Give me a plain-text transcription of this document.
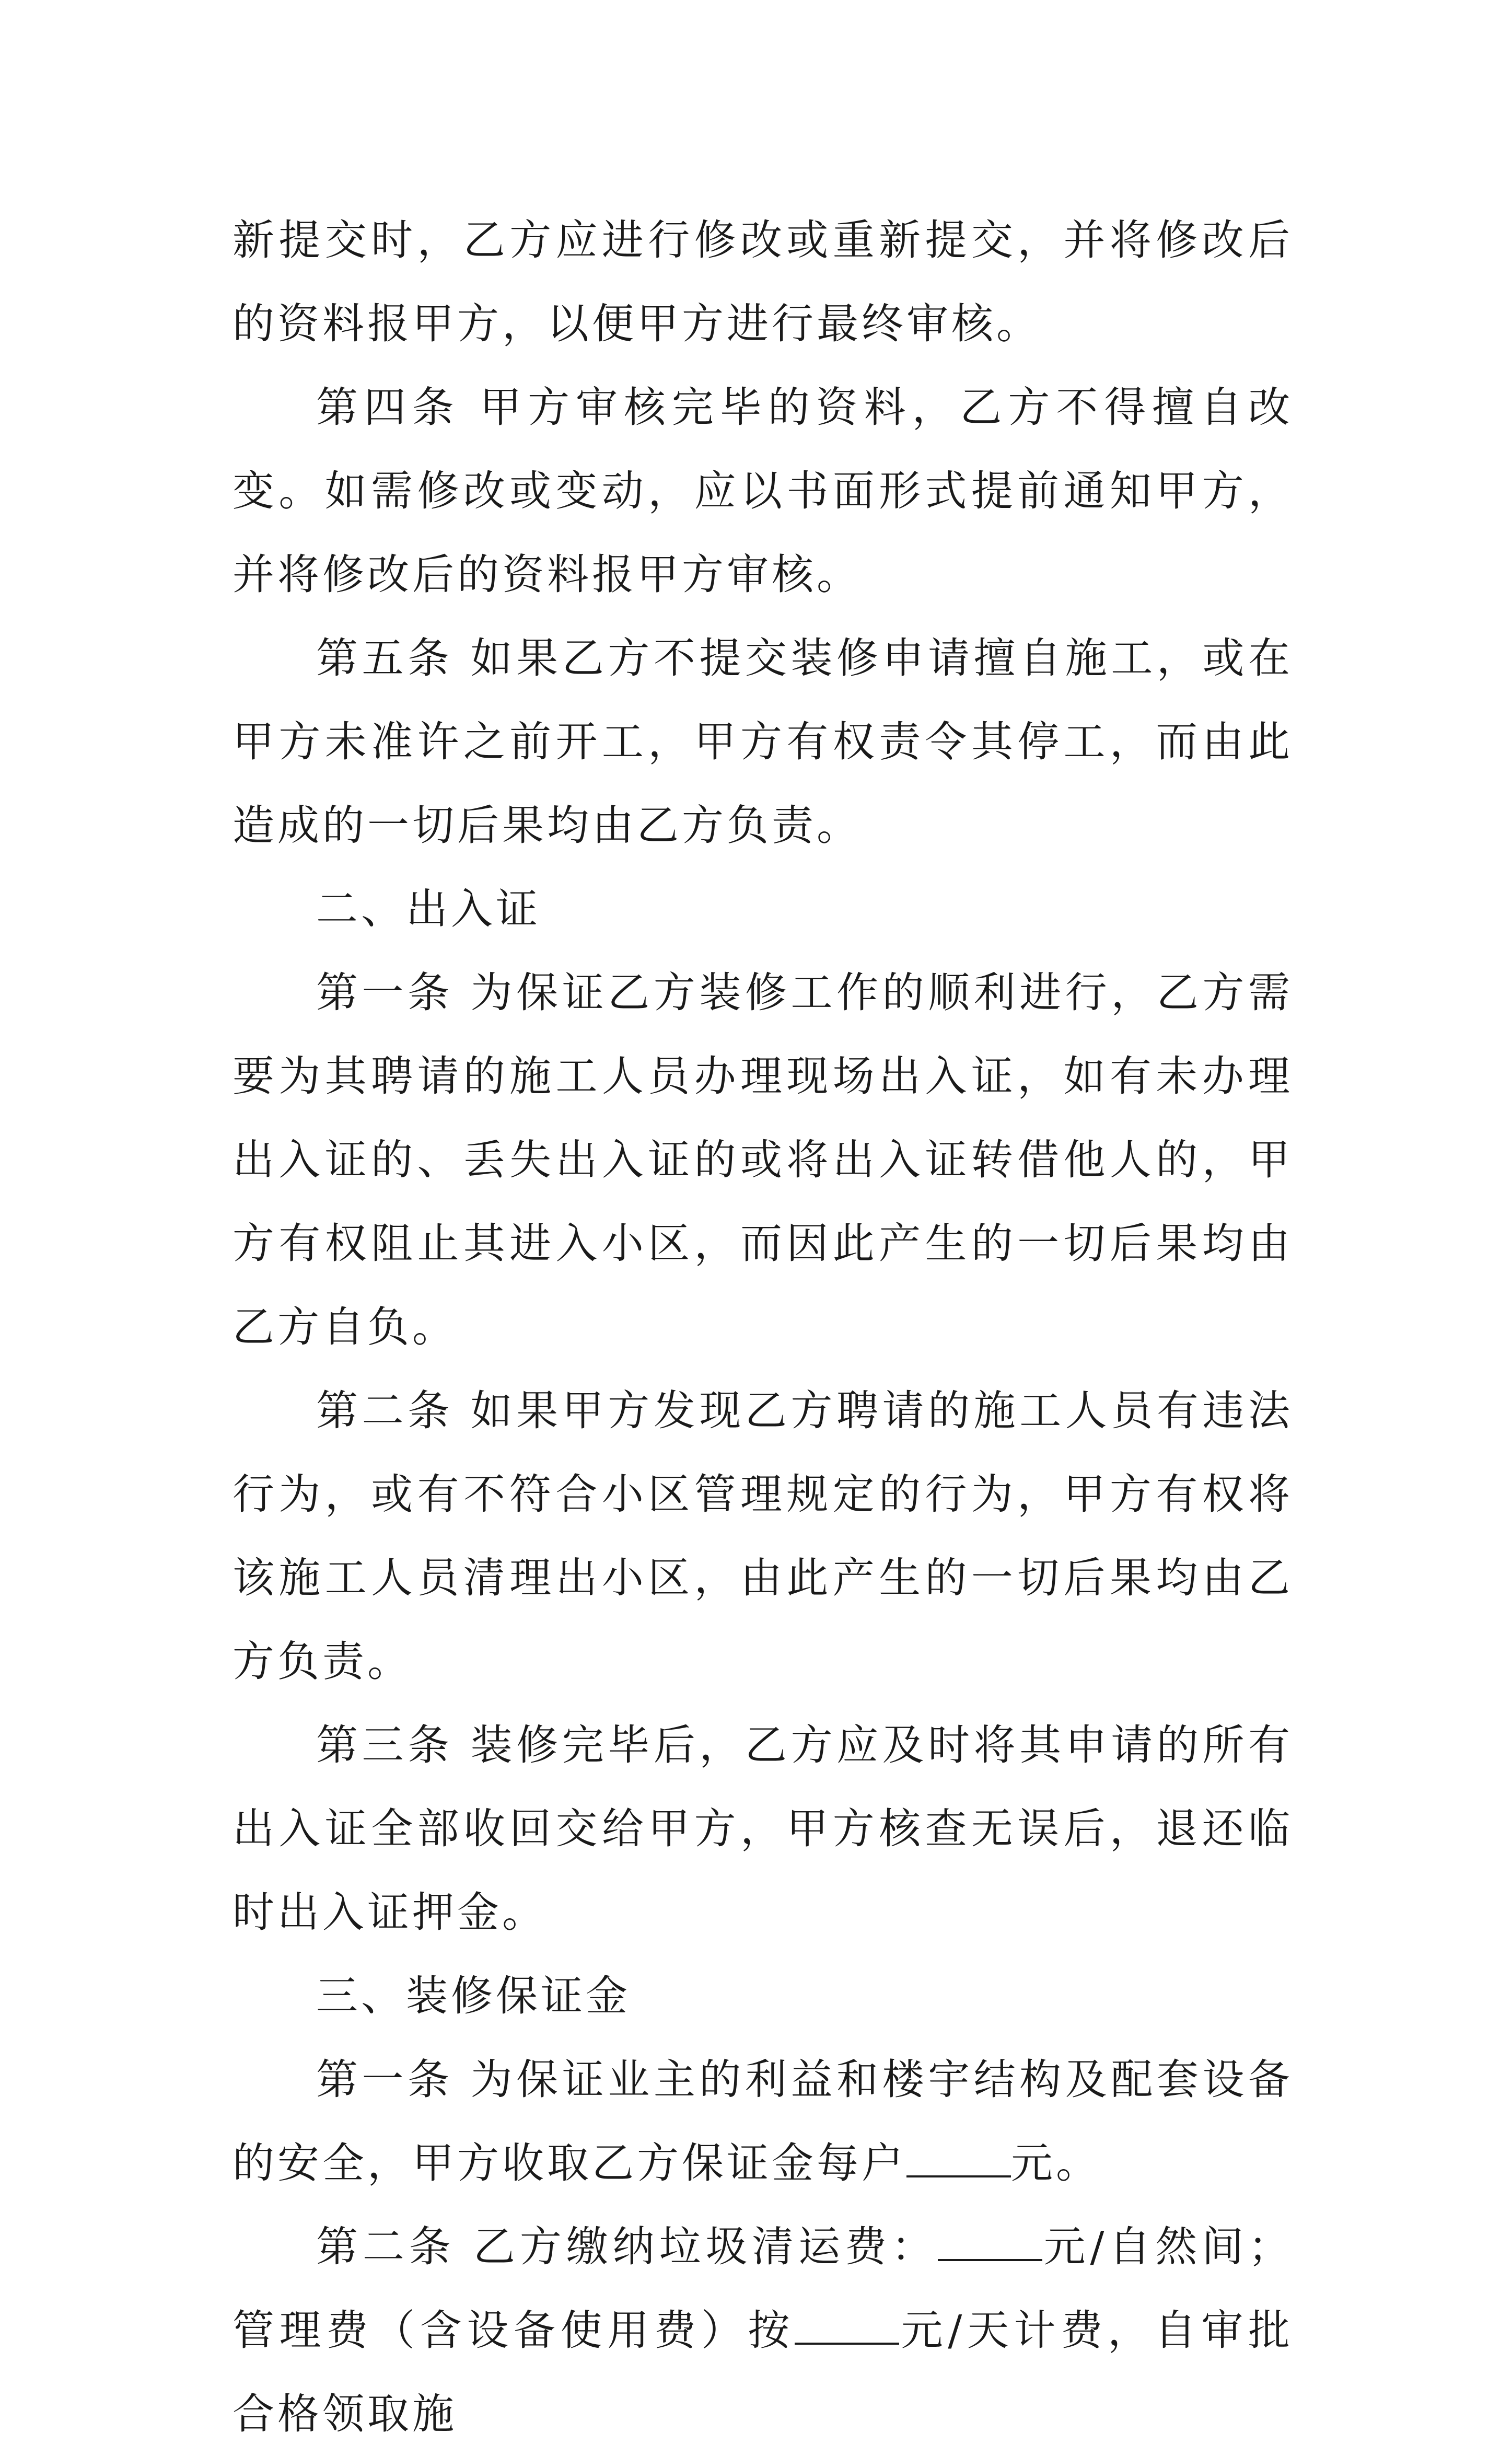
新提交时，乙方应进行修改或重新提交，并将修改后的资料报甲方，以便甲方进行最终审核。

第四条 甲方审核完毕的资料，乙方不得擅自改变。如需修改或变动，应以书面形式提前通知甲方，并将修改后的资料报甲方审核。

第五条 如果乙方不提交装修申请擅自施工，或在甲方未准许之前开工，甲方有权责令其停工，而由此造成的一切后果均由乙方负责。

二、出入证

第一条 为保证乙方装修工作的顺利进行，乙方需要为其聘请的施工人员办理现场出入证，如有未办理出入证的、丢失出入证的或将出入证转借他人的，甲方有权阻止其进入小区，而因此产生的一切后果均由乙方自负。

第二条 如果甲方发现乙方聘请的施工人员有违法行为，或有不符合小区管理规定的行为，甲方有权将该施工人员清理出小区，由此产生的一切后果均由乙方负责。

第三条 装修完毕后，乙方应及时将其申请的所有出入证全部收回交给甲方，甲方核查无误后，退还临时出入证押金。

三、装修保证金

第一条 为保证业主的利益和楼宇结构及配套设备的安全，甲方收取乙方保证金每户	元。

第二条 乙方缴纳垃圾清运费：	元/自然间；管理费（含设备使用费）按	元/天计费，自审批合格领取施
